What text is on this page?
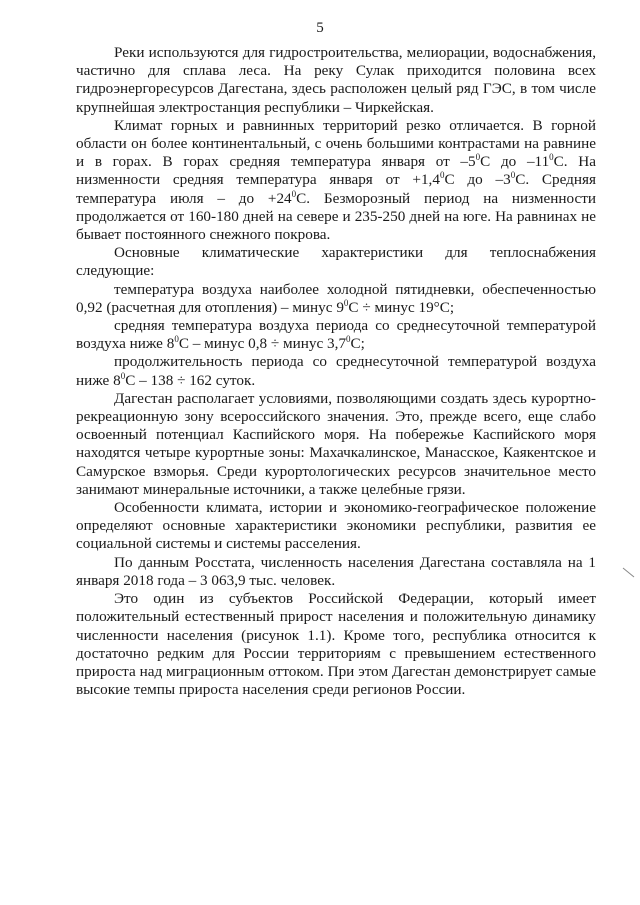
5

Реки используются для гидростроительства, мелиорации, водоснабжения, частично для сплава леса. На реку Сулак приходится половина всех гидроэнергоресурсов Дагестана, здесь расположен целый ряд ГЭС, в том числе крупнейшая электростанция республики – Чиркейская.

Климат горных и равнинных территорий резко отличается. В горной области он более континентальный, с очень большими контрастами на равнине и в горах. В горах средняя температура января от $-5^0С$ до $-11^0С$. На низменности средняя температура января от $+1,4^0С$ до $-3^0С$. Средняя температура июля – до $+24^0С$. Безморозный период на низменности продолжается от 160-180 дней на севере и 235-250 дней на юге. На равнинах не бывает постоянного снежного покрова.

Основные климатические характеристики для теплоснабжения следующие:

температура воздуха наиболее холодной пятидневки, обеспеченностью 0,92 (расчетная для отопления) – минус $9^0С$ ÷ минус 19°С;

средняя температура воздуха периода со среднесуточной температурой воздуха ниже $8^0С$ – минус 0,8 ÷ минус $3,7^0С$;

продолжительность периода со среднесуточной температурой воздуха ниже $8^0С - 138 \div 162$ суток.

Дагестан располагает условиями, позволяющими создать здесь курортно-рекреационную зону всероссийского значения. Это, прежде всего, еще слабо освоенный потенциал Каспийского моря. На побережье Каспийского моря находятся четыре курортные зоны: Махачкалинское, Манасское, Каякентское и Самурское взморья. Среди курортологических ресурсов значительное место занимают минеральные источники, а также целебные грязи.

Особенности климата, истории и экономико-географическое положение определяют основные характеристики экономики республики, развития ее социальной системы и системы расселения.

По данным Росстата, численность населения Дагестана составляла на 1 января 2018 года – 3 063,9 тыс. человек.

Это один из субъектов Российской Федерации, который имеет положительный естественный прирост населения и положительную динамику численности населения (рисунок 1.1). Кроме того, республика относится к достаточно редким для России территориям с превышением естественного прироста над миграционным оттоком. При этом Дагестан демонстрирует самые высокие темпы прироста населения среди регионов России.
